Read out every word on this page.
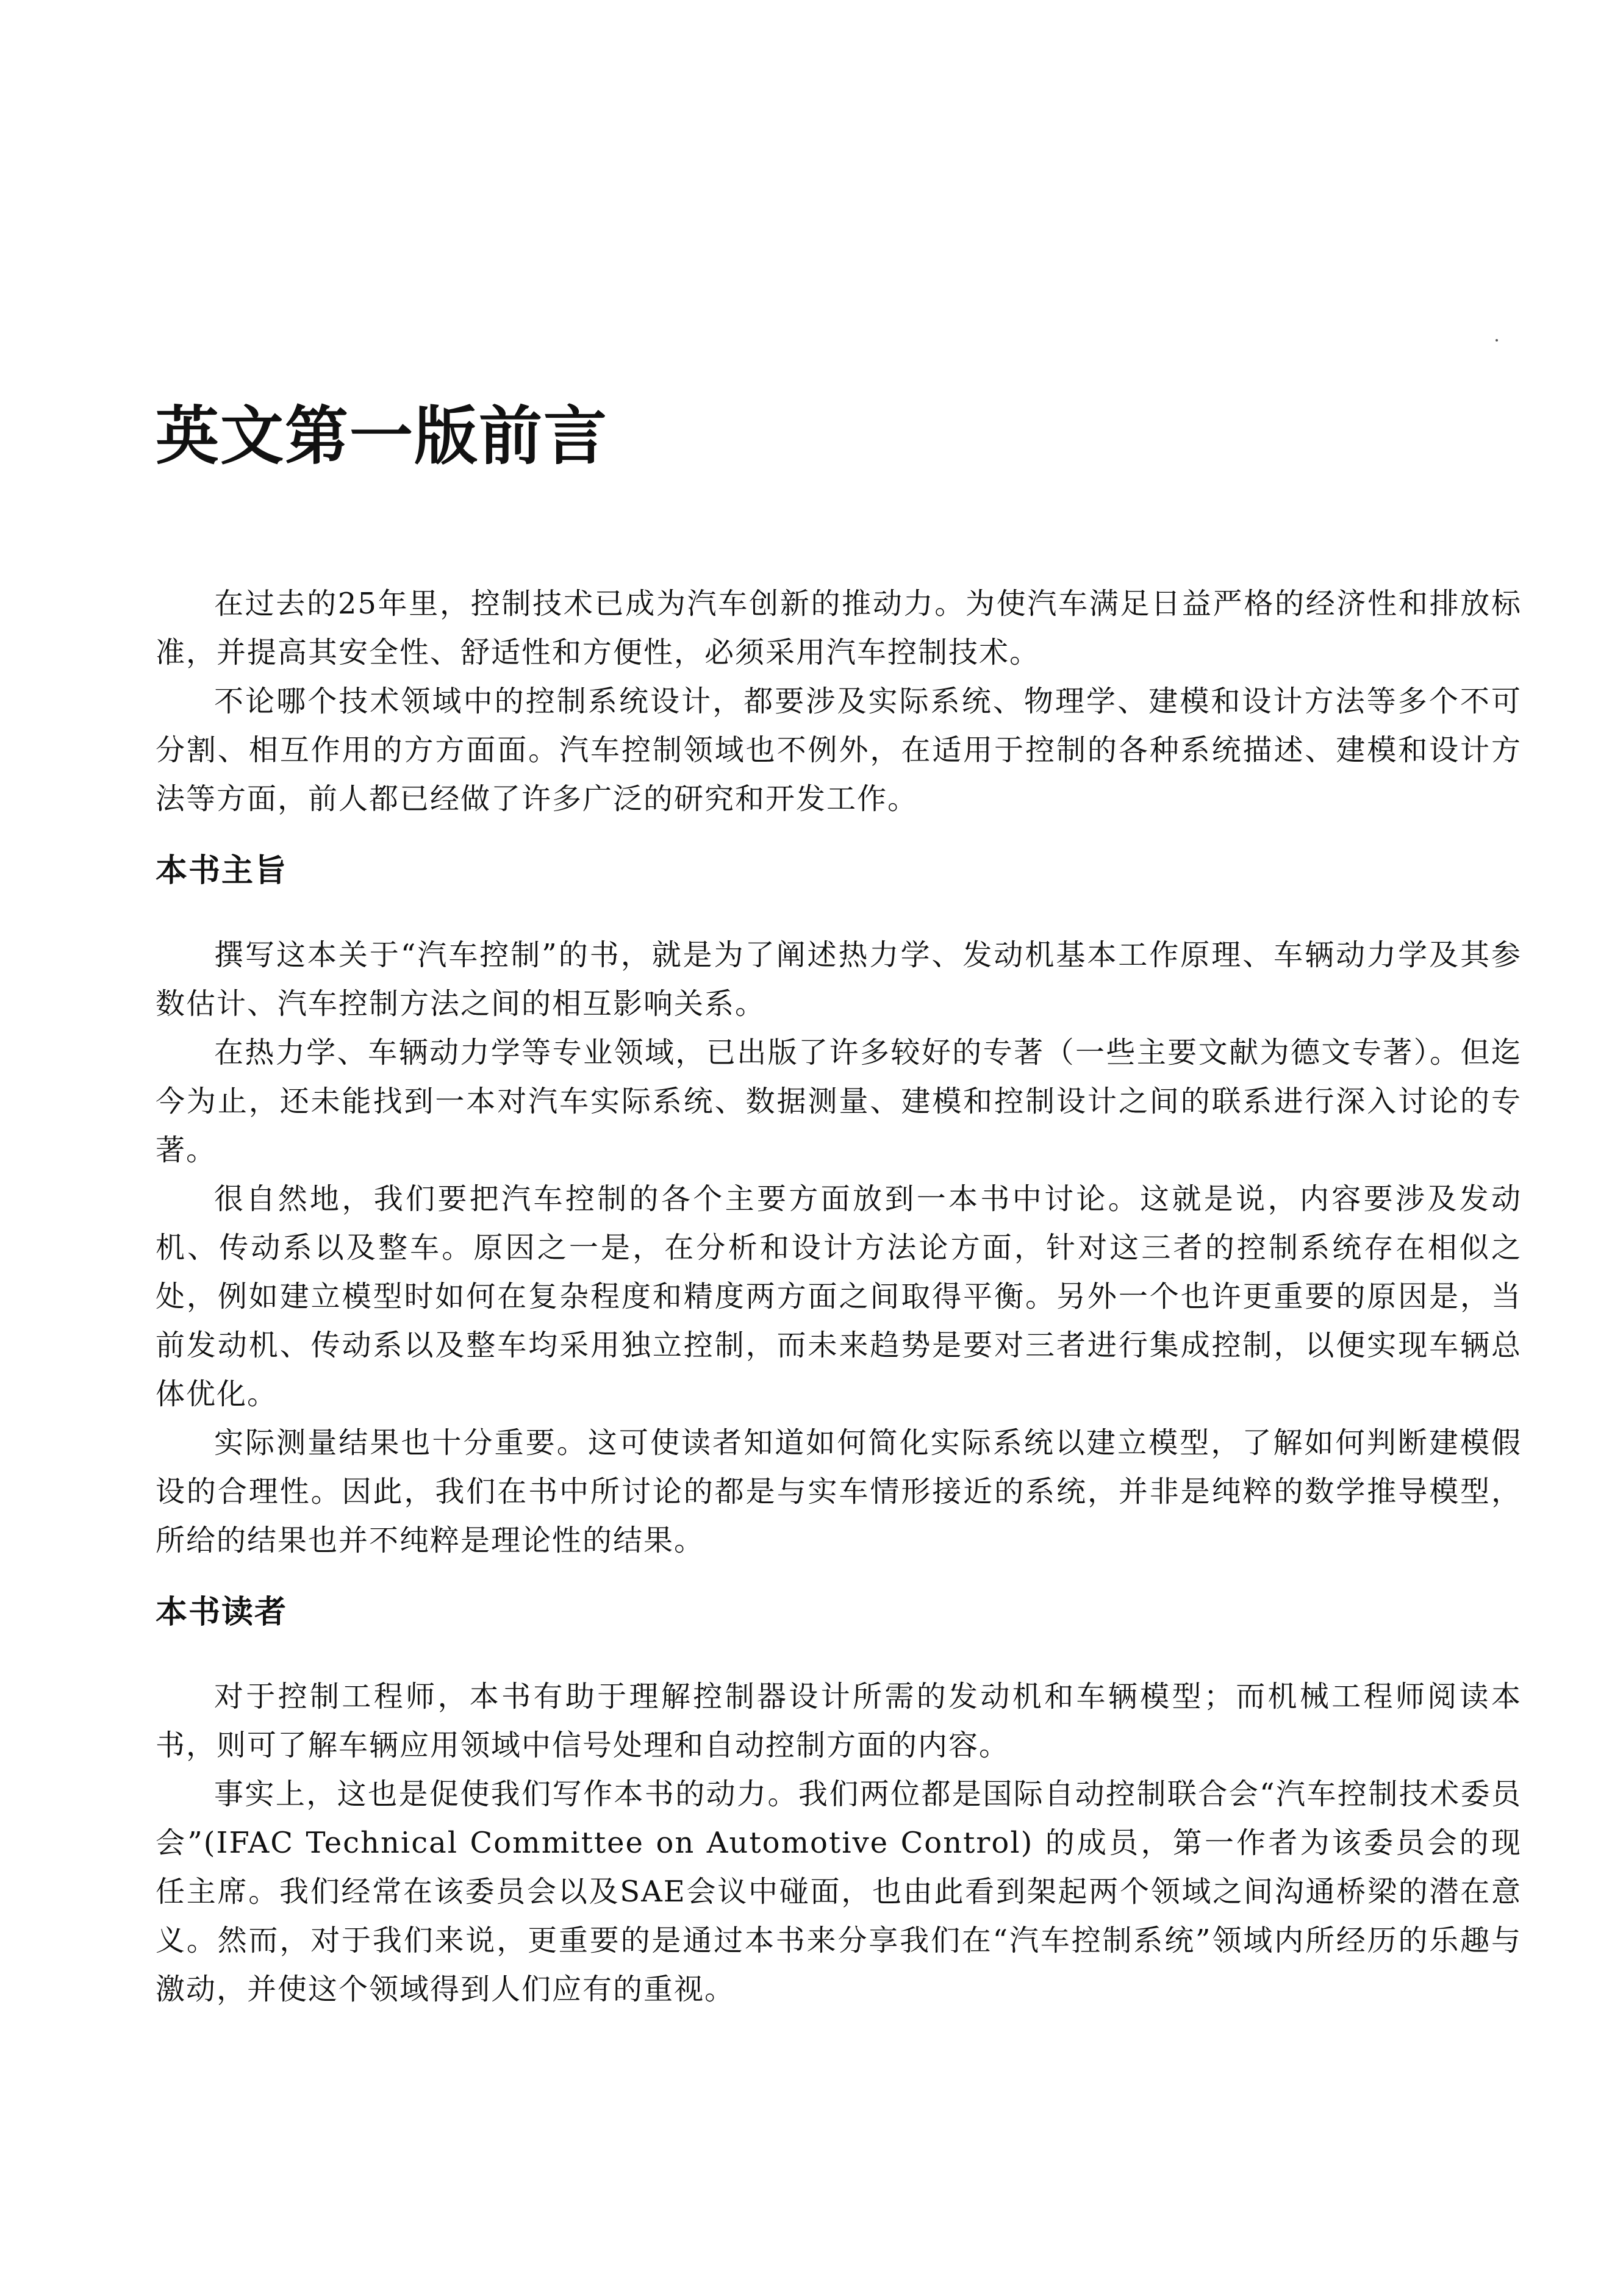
英文第一版前言

在过去的25年里，控制技术已成为汽车创新的推动力。为使汽车满足日益严格的经济性和排放标准，并提高其安全性、舒适性和方便性，必须采用汽车控制技术。

不论哪个技术领域中的控制系统设计，都要涉及实际系统、物理学、建模和设计方法等多个不可分割、相互作用的方方面面。汽车控制领域也不例外，在适用于控制的各种系统描述、建模和设计方法等方面，前人都已经做了许多广泛的研究和开发工作。

本书主旨

撰写这本关于“汽车控制”的书，就是为了阐述热力学、发动机基本工作原理、车辆动力学及其参数估计、汽车控制方法之间的相互影响关系。

在热力学、车辆动力学等专业领域，已出版了许多较好的专著（一些主要文献为德文专著）。但迄今为止，还未能找到一本对汽车实际系统、数据测量、建模和控制设计之间的联系进行深入讨论的专著。

很自然地，我们要把汽车控制的各个主要方面放到一本书中讨论。这就是说，内容要涉及发动机、传动系以及整车。原因之一是，在分析和设计方法论方面，针对这三者的控制系统存在相似之处，例如建立模型时如何在复杂程度和精度两方面之间取得平衡。另外一个也许更重要的原因是，当前发动机、传动系以及整车均采用独立控制，而未来趋势是要对三者进行集成控制，以便实现车辆总体优化。

实际测量结果也十分重要。这可使读者知道如何简化实际系统以建立模型，了解如何判断建模假设的合理性。因此，我们在书中所讨论的都是与实车情形接近的系统，并非是纯粹的数学推导模型，所给的结果也并不纯粹是理论性的结果。

本书读者

对于控制工程师，本书有助于理解控制器设计所需的发动机和车辆模型；而机械工程师阅读本书，则可了解车辆应用领域中信号处理和自动控制方面的内容。

事实上，这也是促使我们写作本书的动力。我们两位都是国际自动控制联合会“汽车控制技术委员会”(IFAC Technical Committee on Automotive Control) 的成员，第一作者为该委员会的现任主席。我们经常在该委员会以及SAE会议中碰面，也由此看到架起两个领域之间沟通桥梁的潜在意义。然而，对于我们来说，更重要的是通过本书来分享我们在“汽车控制系统”领域内所经历的乐趣与激动，并使这个领域得到人们应有的重视。
